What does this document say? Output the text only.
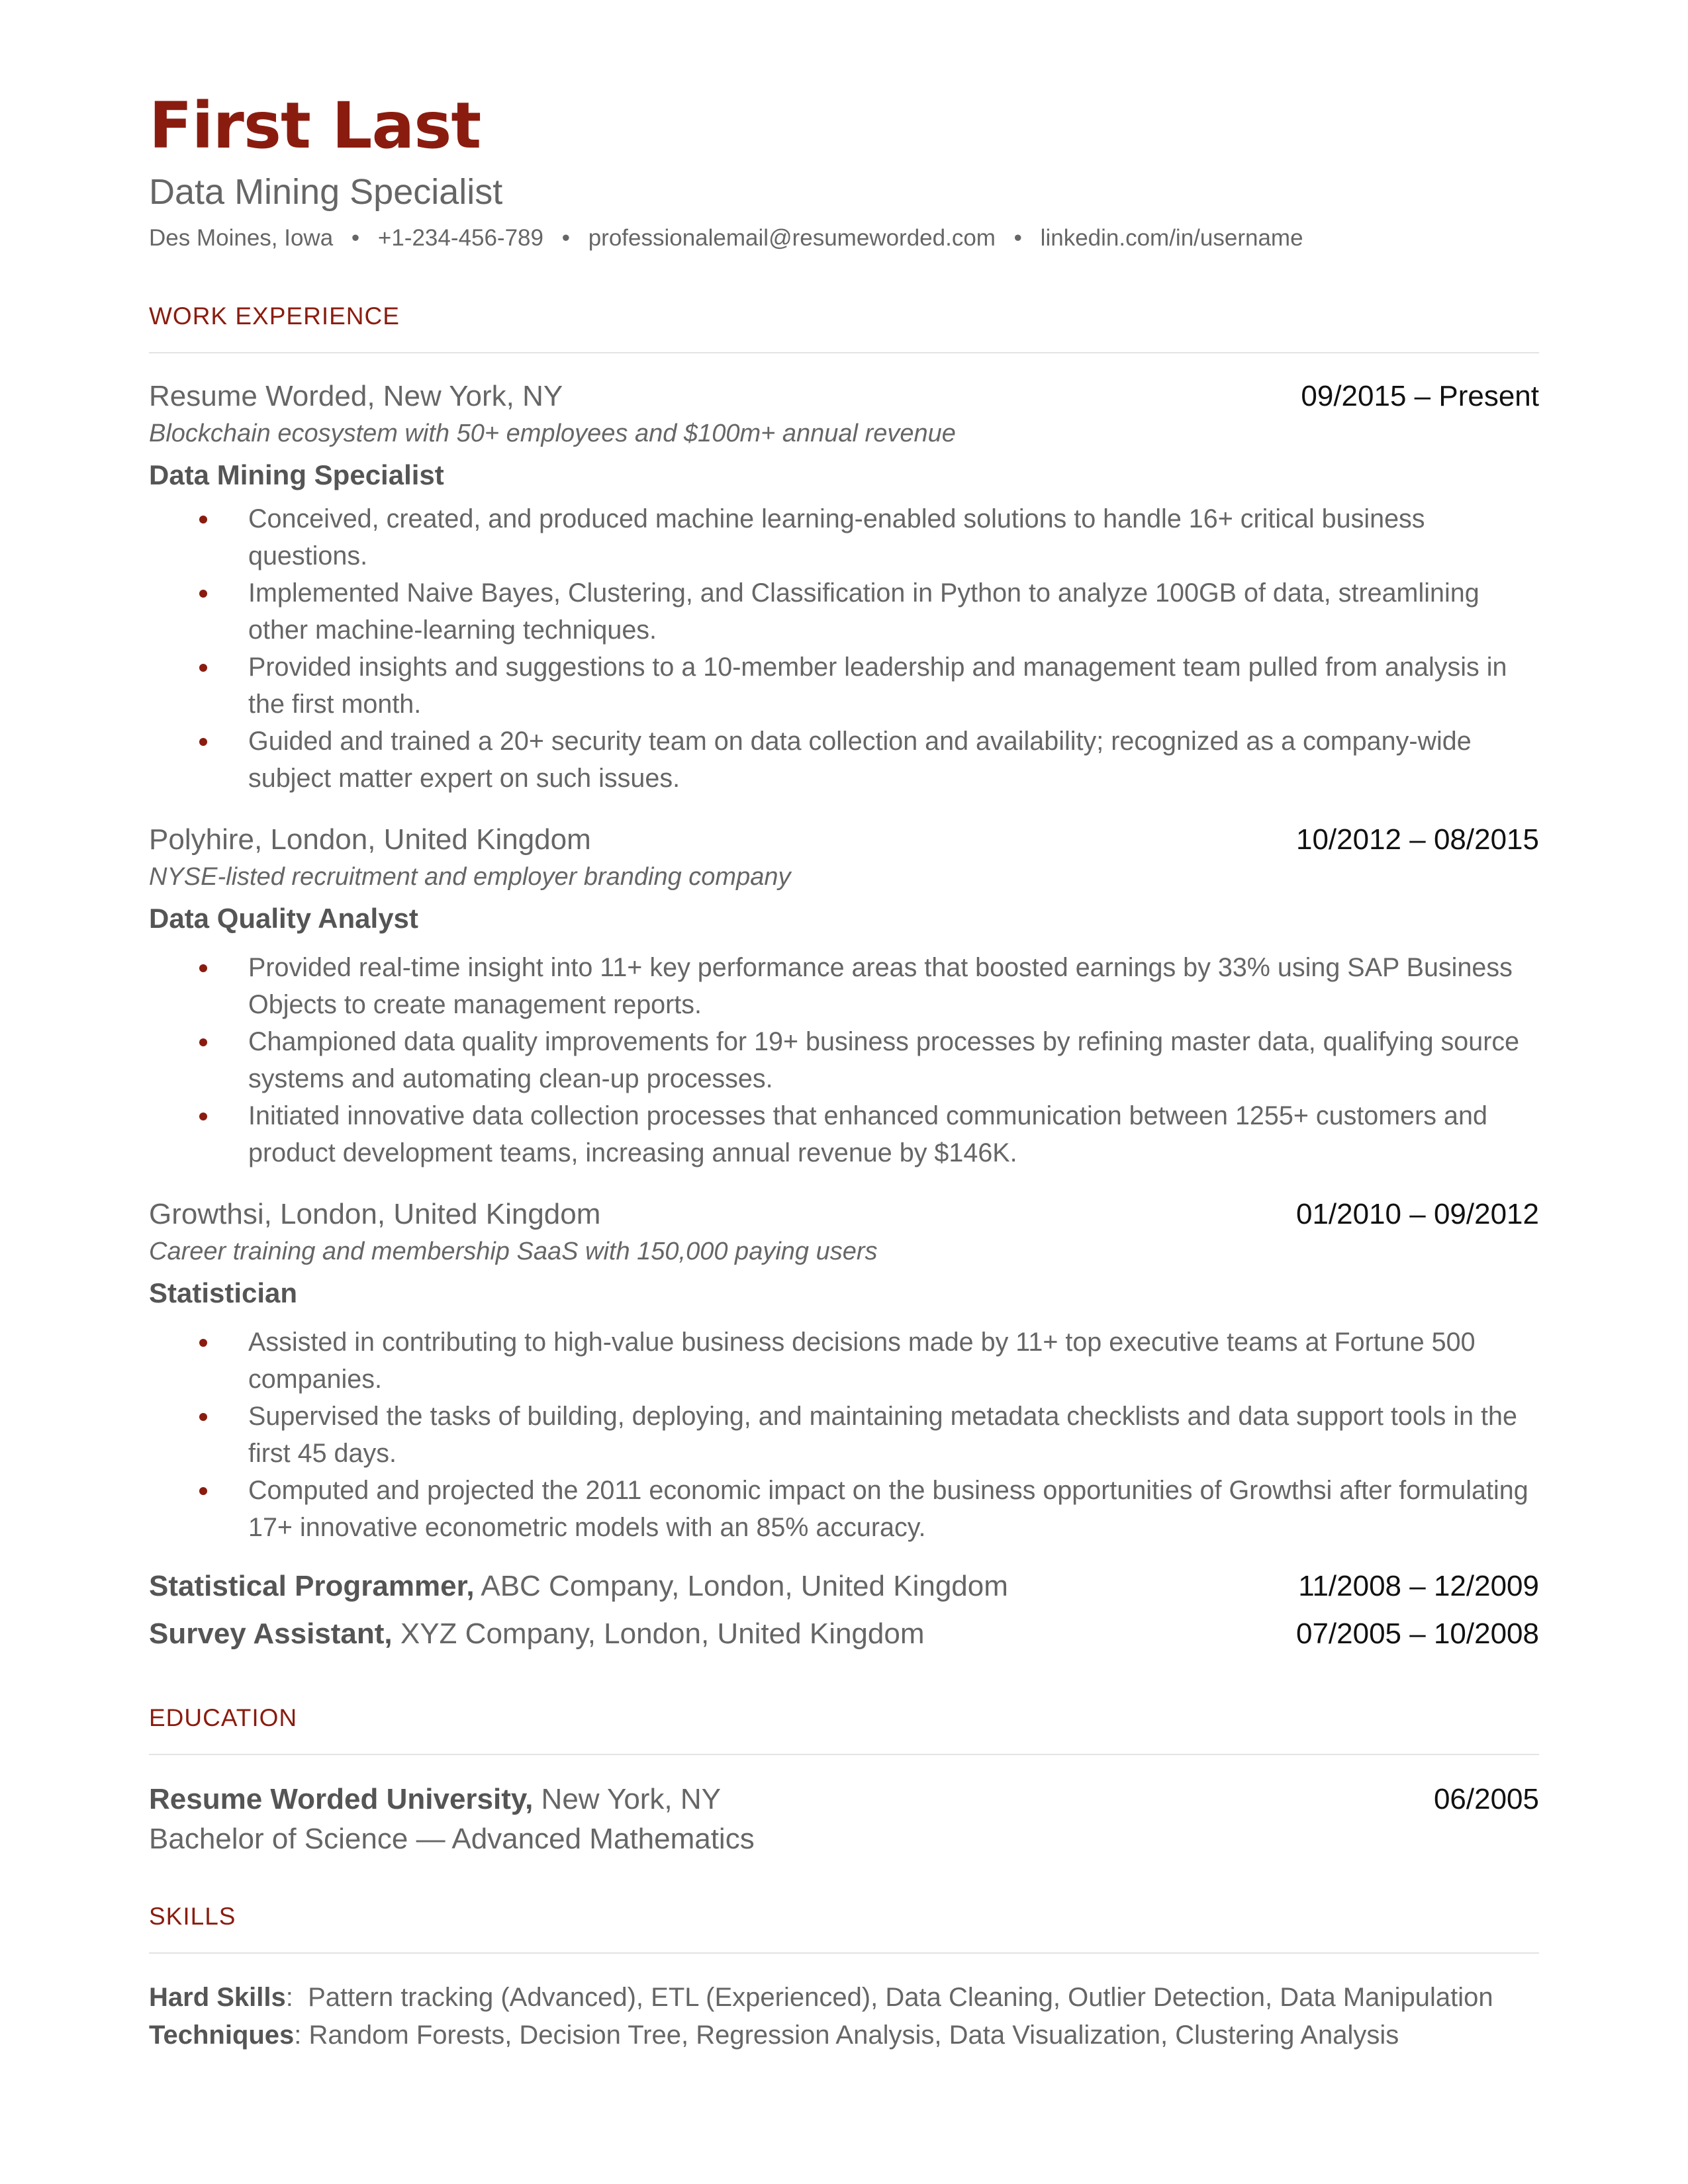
First Last
Data Mining Specialist
Des Moines, Iowa • +1-234-456-789 • professionalemail@resumeworded.com • linkedin.com/in/username
WORK EXPERIENCE
Resume Worded, New York, NY	09/2015 – Present
Blockchain ecosystem with 50+ employees and $100m+ annual revenue
Data Mining Specialist
Conceived, created, and produced machine learning-enabled solutions to handle 16+ critical business questions.
Implemented Naive Bayes, Clustering, and Classification in Python to analyze 100GB of data, streamlining other machine-learning techniques.
Provided insights and suggestions to a 10-member leadership and management team pulled from analysis in the first month.
Guided and trained a 20+ security team on data collection and availability; recognized as a company-wide subject matter expert on such issues.
Polyhire, London, United Kingdom	10/2012 – 08/2015
NYSE-listed recruitment and employer branding company
Data Quality Analyst
Provided real-time insight into 11+ key performance areas that boosted earnings by 33% using SAP Business Objects to create management reports.
Championed data quality improvements for 19+ business processes by refining master data, qualifying source systems and automating clean-up processes.
Initiated innovative data collection processes that enhanced communication between 1255+ customers and product development teams, increasing annual revenue by $146K.
Growthsi, London, United Kingdom	01/2010 – 09/2012
Career training and membership SaaS with 150,000 paying users
Statistician
Assisted in contributing to high-value business decisions made by 11+ top executive teams at Fortune 500 companies.
Supervised the tasks of building, deploying, and maintaining metadata checklists and data support tools in the first 45 days.
Computed and projected the 2011 economic impact on the business opportunities of Growthsi after formulating 17+ innovative econometric models with an 85% accuracy.
Statistical Programmer, ABC Company, London, United Kingdom	11/2008 – 12/2009
Survey Assistant, XYZ Company, London, United Kingdom	07/2005 – 10/2008
EDUCATION
Resume Worded University, New York, NY	06/2005
Bachelor of Science — Advanced Mathematics
SKILLS
Hard Skills:  Pattern tracking (Advanced), ETL (Experienced), Data Cleaning, Outlier Detection, Data Manipulation
Techniques: Random Forests, Decision Tree, Regression Analysis, Data Visualization, Clustering Analysis
